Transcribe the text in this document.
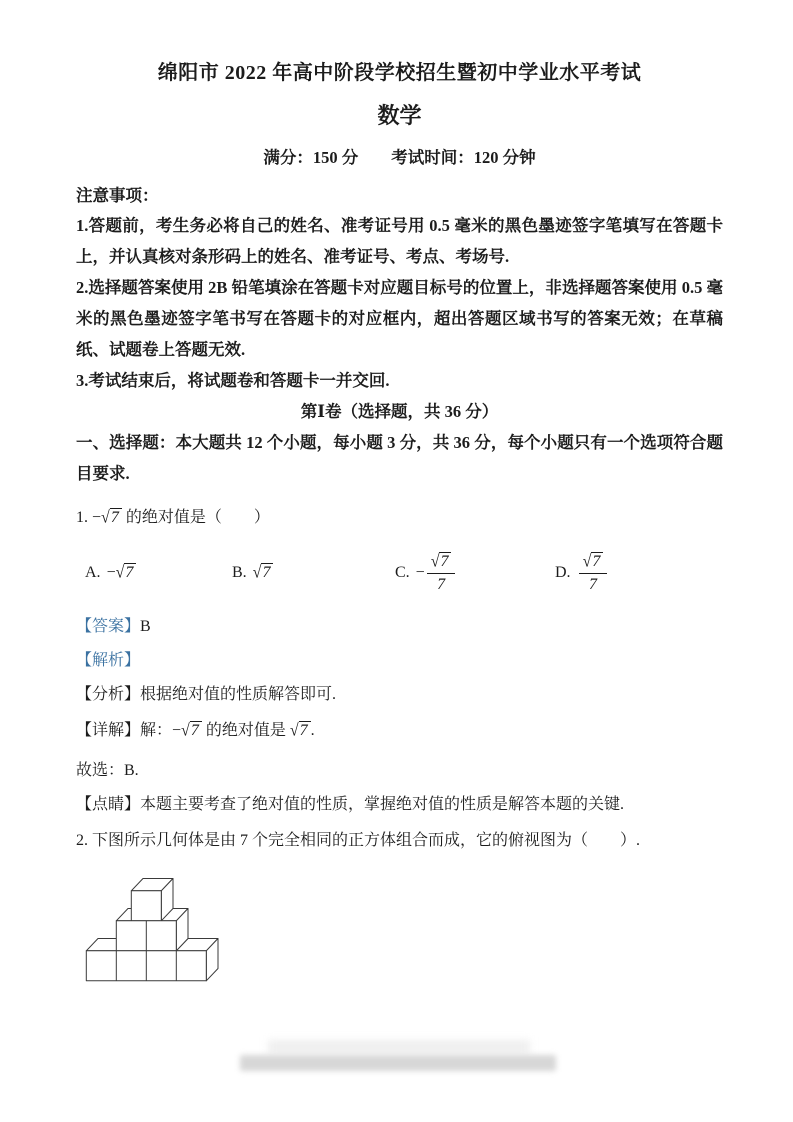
绵阳市 2022 年高中阶段学校招生暨初中学业水平考试
数学

满分：150 分　　考试时间：120 分钟

注意事项：

1.答题前，考生务必将自己的姓名、准考证号用 0.5 毫米的黑色墨迹签字笔填写在答题卡上，并认真核对条形码上的姓名、准考证号、考点、考场号.

2.选择题答案使用 2B 铅笔填涂在答题卡对应题目标号的位置上，非选择题答案使用 0.5 毫米的黑色墨迹签字笔书写在答题卡的对应框内，超出答题区域书写的答案无效；在草稿纸、试题卷上答题无效.

3.考试结束后，将试题卷和答题卡一并交回.

第Ⅰ卷（选择题，共 36 分）

一、选择题：本大题共 12 个小题，每小题 3 分，共 36 分，每个小题只有一个选项符合题目要求.

1. −√7 的绝对值是（　　）

A. −√7	B. √7	C. − $\frac{√7}{7}$	D. $\frac{√7}{7}$

【答案】B

【解析】

【分析】根据绝对值的性质解答即可.

【详解】解：−√7 的绝对值是 √7 .

故选：B.

【点睛】本题主要考查了绝对值的性质，掌握绝对值的性质是解答本题的关键.

2. 下图所示几何体是由 7 个完全相同的正方体组合而成，它的俯视图为（　　）.
